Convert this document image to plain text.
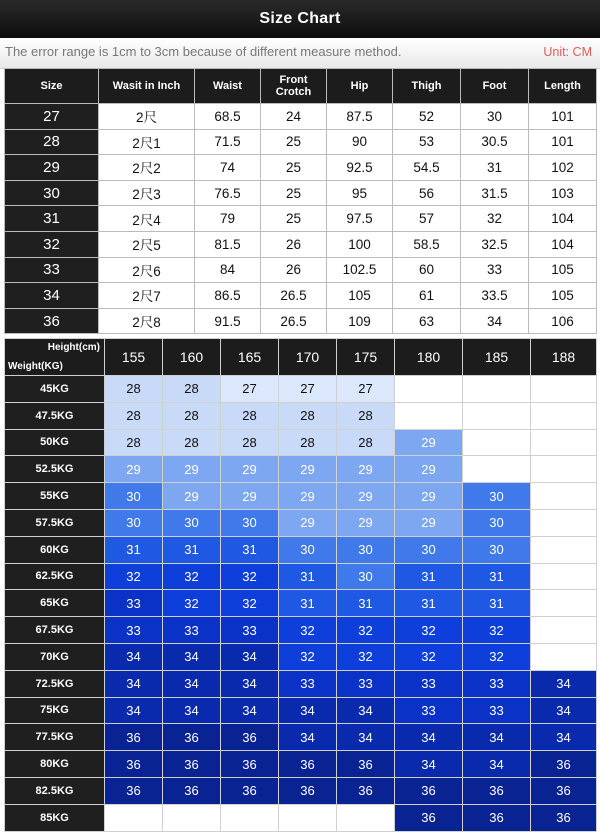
Size Chart
The error range is 1cm to 3cm because of different measure method.	Unit: CM
Size	Wasit in Inch	Waist	Front Crotch	Hip	Thigh	Foot	Length
27	2尺	68.5	24	87.5	52	30	101
28	2尺1	71.5	25	90	53	30.5	101
29	2尺2	74	25	92.5	54.5	31	102
30	2尺3	76.5	25	95	56	31.5	103
31	2尺4	79	25	97.5	57	32	104
32	2尺5	81.5	26	100	58.5	32.5	104
33	2尺6	84	26	102.5	60	33	105
34	2尺7	86.5	26.5	105	61	33.5	105
36	2尺8	91.5	26.5	109	63	34	106
Height(cm)
Weight(KG)	155	160	165	170	175	180	185	188
45KG	28	28	27	27	27			
47.5KG	28	28	28	28	28			
50KG	28	28	28	28	28	29		
52.5KG	29	29	29	29	29	29		
55KG	30	29	29	29	29	29	30	
57.5KG	30	30	30	29	29	29	30	
60KG	31	31	31	30	30	30	30	
62.5KG	32	32	32	31	30	31	31	
65KG	33	32	32	31	31	31	31	
67.5KG	33	33	33	32	32	32	32	
70KG	34	34	34	32	32	32	32	
72.5KG	34	34	34	33	33	33	33	34
75KG	34	34	34	34	34	33	33	34
77.5KG	36	36	36	34	34	34	34	34
80KG	36	36	36	36	36	34	34	36
82.5KG	36	36	36	36	36	36	36	36
85KG						36	36	36
